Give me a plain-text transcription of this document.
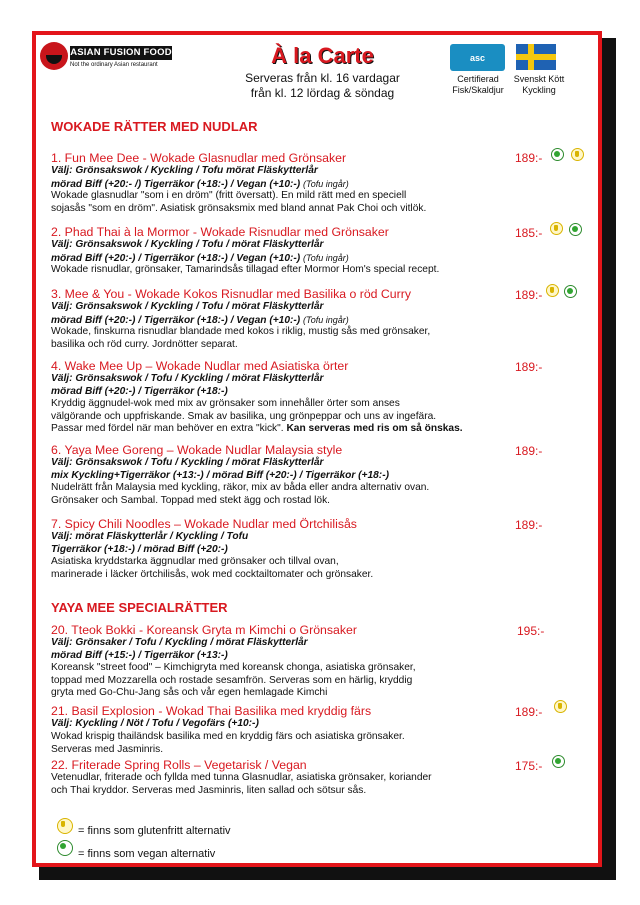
ASIAN FUSION FOOD
Not the ordinary Asian restaurant	À la Carte
Serveras från kl. 16 vardagar
från kl. 12 lördag & söndag
asc
Certifierad
Fisk/Skaldjur
Svenskt Kött
Kyckling
WOKADE RÄTTER MED NUDLAR
1. Fun Mee Dee - Wokade Glasnudlar med Grönsaker	189:-
Välj: Grönsakswok / Kyckling / Tofu mörat Fläskytterlår
mörad Biff (+20:- /) Tigerräkor (+18:-) / Vegan (+10:-) (Tofu ingår)
Wokade glasnudlar "som i en dröm" (fritt översatt). En mild rätt med en speciell
sojasås "som en dröm". Asiatisk grönsaksmix med bland annat Pak Choi och vitlök.
2. Phad Thai à la Mormor - Wokade Risnudlar med Grönsaker	185:-
Välj: Grönsakswok / Kyckling / Tofu / mörat Fläskytterlår
mörad Biff (+20:-) / Tigerräkor (+18:-) / Vegan (+10:-) (Tofu ingår)
Wokade risnudlar, grönsaker, Tamarindsås tillagad efter Mormor Hom's special recept.
3. Mee & You - Wokade Kokos Risnudlar med Basilika o röd Curry	189:-
Välj: Grönsakswok / Kyckling / Tofu / mörat Fläskytterlår
mörad Biff (+20:-) / Tigerräkor (+18:-) / Vegan (+10:-) (Tofu ingår)
Wokade, finskurna risnudlar blandade med kokos i riklig, mustig sås med grönsaker,
basilika och röd curry. Jordnötter separat.
4. Wake Mee Up – Wokade Nudlar med Asiatiska örter	189:-
Välj: Grönsakswok / Tofu / Kyckling / mörat Fläskytterlår
mörad Biff (+20:-) / Tigerräkor (+18:-)
Kryddig äggnudel-wok med mix av grönsaker som innehåller örter som anses
välgörande och uppfriskande. Smak av basilika, ung grönpeppar och uns av ingefära.
Passar med fördel när man behöver en extra "kick". Kan serveras med ris om så önskas.
6. Yaya Mee Goreng – Wokade Nudlar Malaysia style	189:-
Välj: Grönsakswok / Tofu / Kyckling / mörat Fläskytterlår
mix Kyckling+Tigerräkor (+13:-) / mörad Biff (+20:-) / Tigerräkor (+18:-)
Nudelrätt från Malaysia med kyckling, räkor, mix av båda eller andra alternativ ovan.
Grönsaker och Sambal. Toppad med stekt ägg och rostad lök.
7. Spicy Chili Noodles – Wokade Nudlar med Örtchilisås	189:-
Välj: mörat Fläskytterlår / Kyckling / Tofu
Tigerräkor (+18:-) / mörad Biff (+20:-)
Asiatiska kryddstarka äggnudlar med grönsaker och tillval ovan,
marinerade i läcker örtchilisås, wok med cocktailtomater och grönsaker.
YAYA MEE SPECIALRÄTTER
20. Tteok Bokki - Koreansk Gryta m Kimchi o Grönsaker	195:-
Välj: Grönsaker / Tofu / Kyckling / mörat Fläskytterlår
mörad Biff (+15:-) / Tigerräkor (+13:-)
Koreansk "street food" – Kimchigryta med koreansk chonga, asiatiska grönsaker,
toppad med Mozzarella och rostade sesamfrön. Serveras som en härlig, kryddig
gryta med Go-Chu-Jang sås och vår egen hemlagade Kimchi
21. Basil Explosion - Wokad Thai Basilika med kryddig färs	189:-
Välj: Kyckling / Nöt / Tofu / Vegofärs (+10:-)
Wokad krispig thailändsk basilika med en kryddig färs och asiatiska grönsaker.
Serveras med Jasminris.
22. Friterade Spring Rolls – Vegetarisk / Vegan	175:-
Vetenudlar, friterade och fyllda med tunna Glasnudlar, asiatiska grönsaker, koriander
och Thai kryddor. Serveras med Jasminris, liten sallad och sötsur sås.
= finns som glutenfritt alternativ
= finns som vegan alternativ
